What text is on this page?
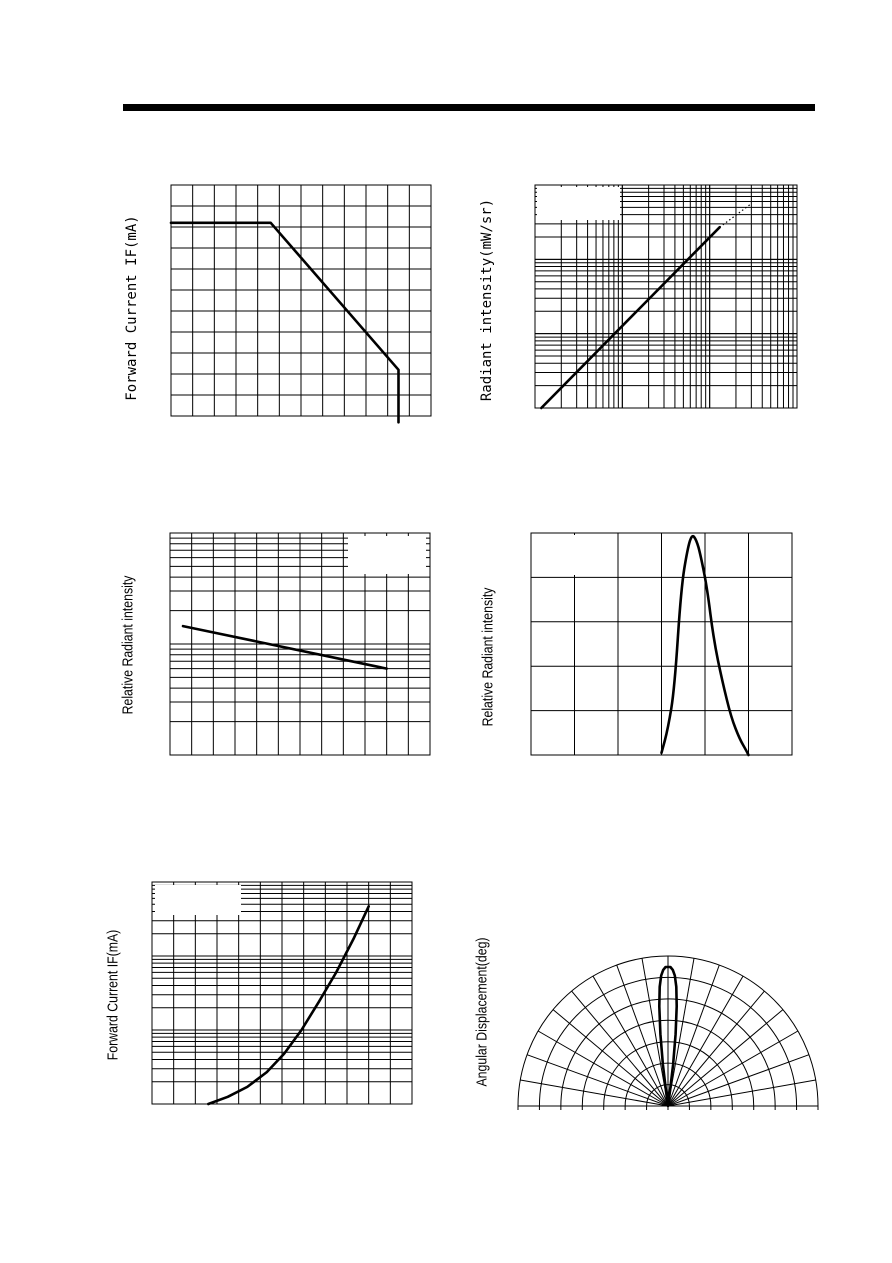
Forward Current IF(mA)	Radiant intensity(mW/sr)
Relative Radiant intensity	Relative Radiant intensity
Forward Current IF(mA)	Angular Displacement(deg)
